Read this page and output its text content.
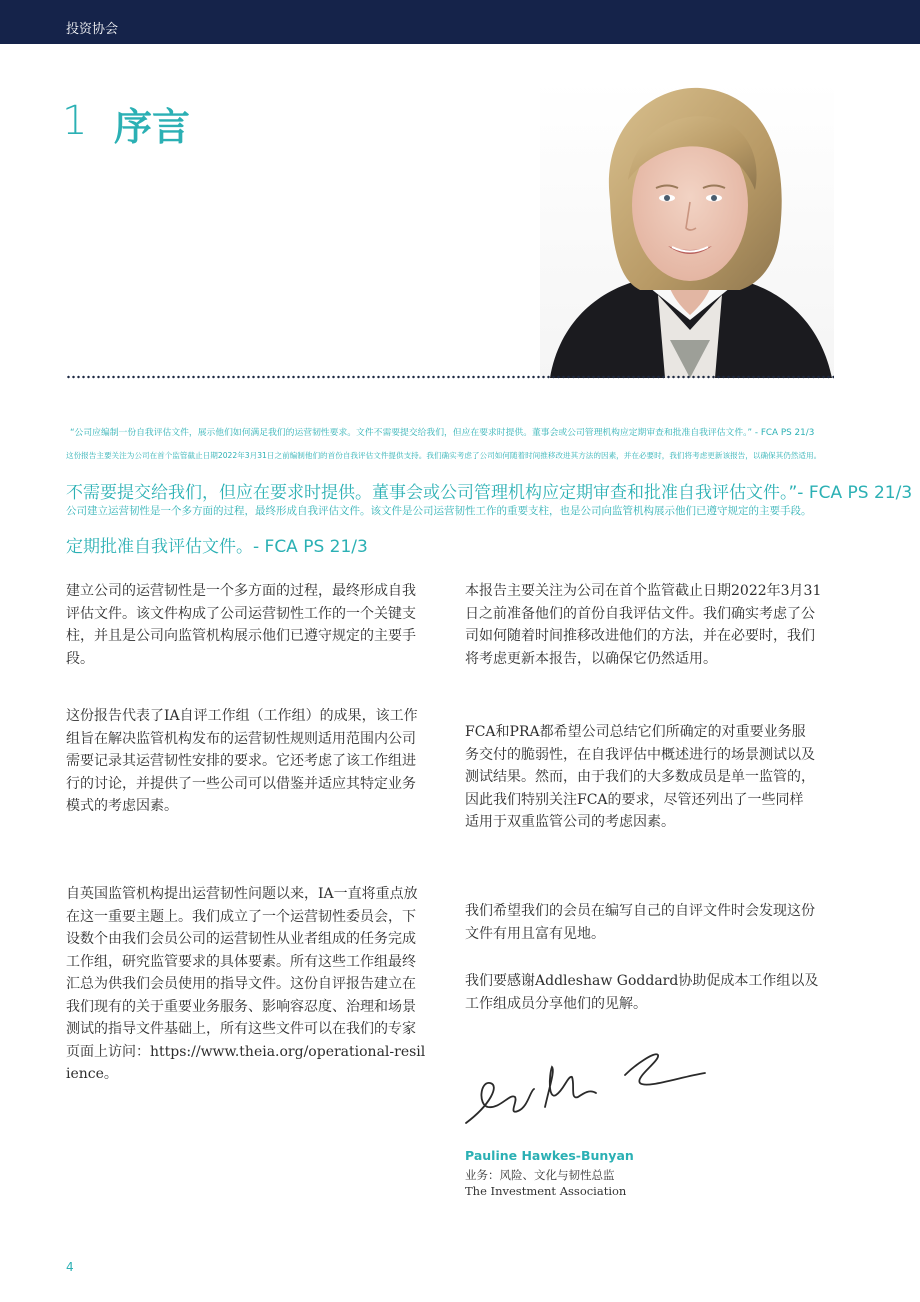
投资协会
1 序言
“公司应编制一份自我评估文件，展示他们如何满足我们的运营韧性要求。文件不需要提交给我们，但应在要求时提供。董事会或公司管理机构应定期审查和批准自我评估文件。” - FCA PS 21/3
这份报告主要关注为公司在首个监管截止日期2022年3月31日之前编制他们的首份自我评估文件提供支持。我们确实考虑了公司如何随着时间推移改进其方法的因素，并在必要时，我们将考虑更新该报告，以确保其仍然适用。
不需要提交给我们，但应在要求时提供。董事会或公司管理机构应定期审查和批准自我评估文件。”- FCA PS 21/3
公司建立运营韧性是一个多方面的过程，最终形成自我评估文件。该文件是公司运营韧性工作的重要支柱，也是公司向监管机构展示他们已遵守规定的主要手段。
定期批准自我评估文件。- FCA PS 21/3
建立公司的运营韧性是一个多方面的过程，最终形成自我评估文件。该文件构成了公司运营韧性工作的一个关键支柱，并且是公司向监管机构展示他们已遵守规定的主要手段。
这份报告代表了IA自评工作组（工作组）的成果，该工作组旨在解决监管机构发布的运营韧性规则适用范围内公司需要记录其运营韧性安排的要求。它还考虑了该工作组进行的讨论，并提供了一些公司可以借鉴并适应其特定业务模式的考虑因素。
自英国监管机构提出运营韧性问题以来，IA一直将重点放在这一重要主题上。我们成立了一个运营韧性委员会，下设数个由我们会员公司的运营韧性从业者组成的任务完成工作组，研究监管要求的具体要素。所有这些工作组最终汇总为供我们会员使用的指导文件。这份自评报告建立在我们现有的关于重要业务服务、影响容忍度、治理和场景测试的指导文件基础上，所有这些文件可以在我们的专家页面上访问：https://www.theia.org/operational-resilience。
本报告主要关注为公司在首个监管截止日期2022年3月31日之前准备他们的首份自我评估文件。我们确实考虑了公司如何随着时间推移改进他们的方法，并在必要时，我们将考虑更新本报告，以确保它仍然适用。
FCA和PRA都希望公司总结它们所确定的对重要业务服务交付的脆弱性，在自我评估中概述进行的场景测试以及测试结果。然而，由于我们的大多数成员是单一监管的，因此我们特别关注FCA的要求，尽管还列出了一些同样适用于双重监管公司的考虑因素。
我们希望我们的会员在编写自己的自评文件时会发现这份文件有用且富有见地。
我们要感谢Addleshaw Goddard协助促成本工作组以及工作组成员分享他们的见解。
Pauline Hawkes-Bunyan
业务：风险、文化与韧性总监
The Investment Association
4
